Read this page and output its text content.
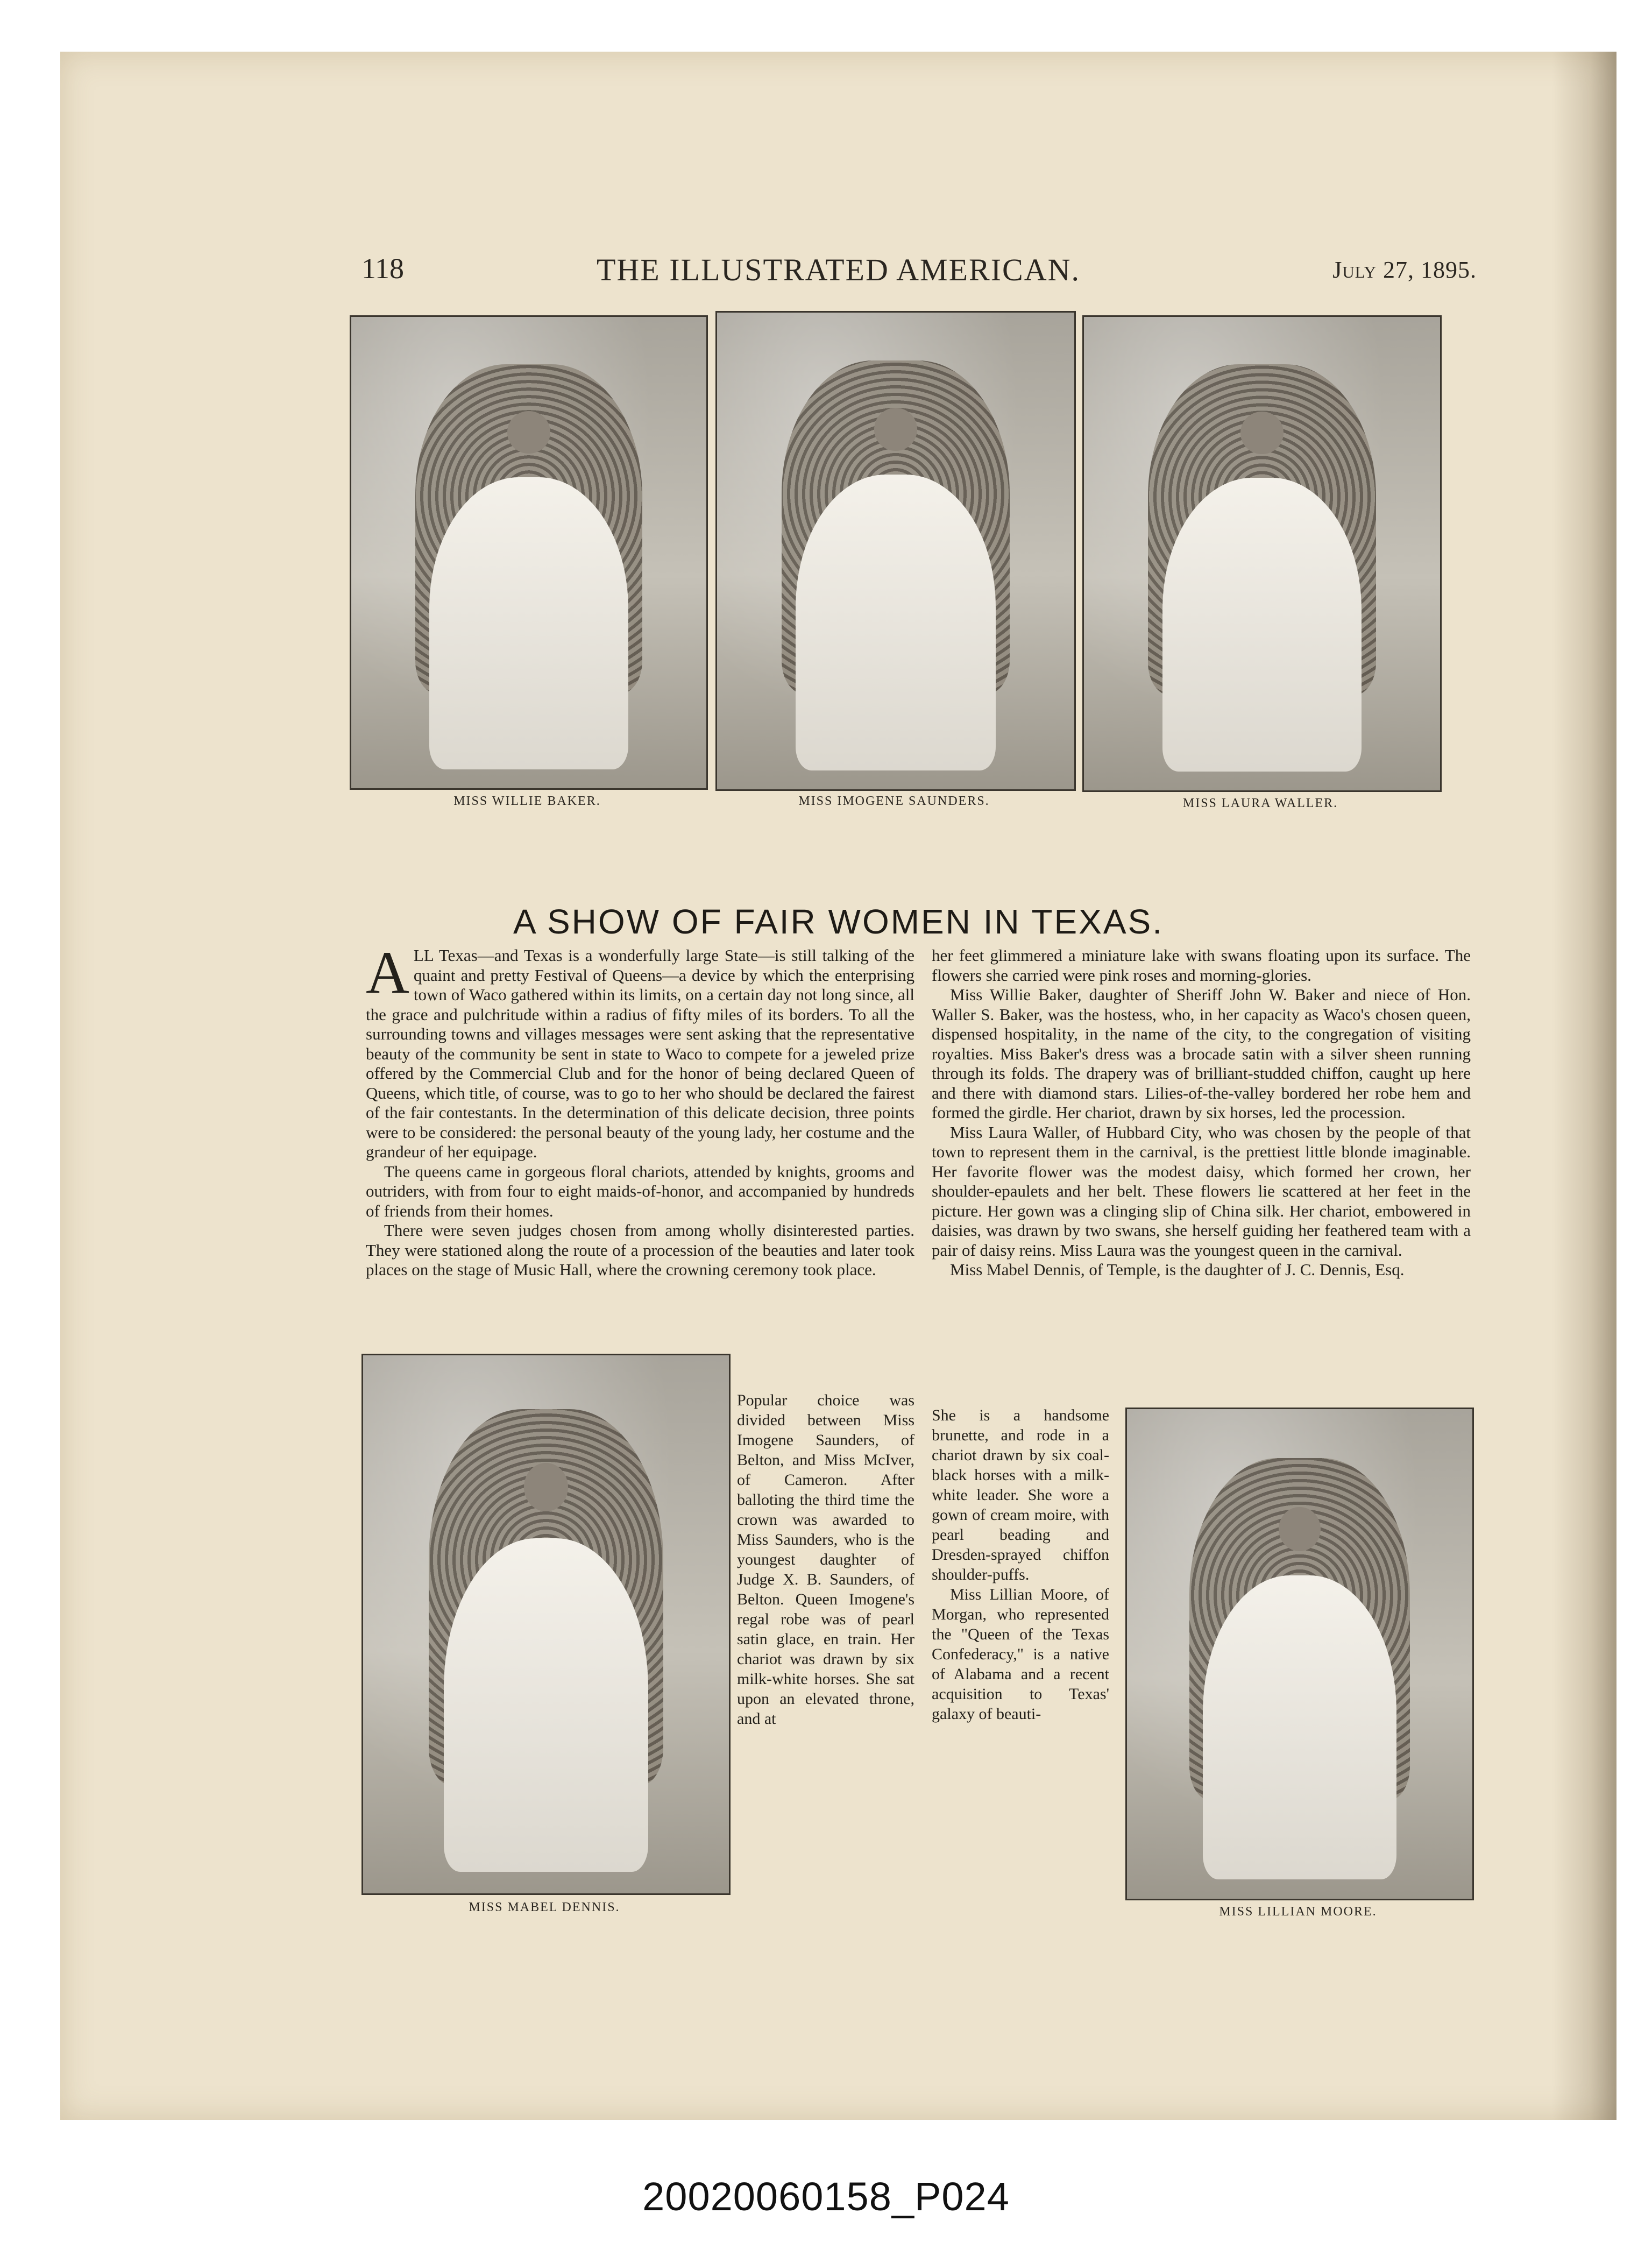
118	THE ILLUSTRATED AMERICAN.	July 27, 1895.
MISS WILLIE BAKER.	MISS IMOGENE SAUNDERS.	MISS LAURA WALLER.
A SHOW OF FAIR WOMEN IN TEXAS.

ALL Texas—and Texas is a wonderfully large State—is still talking of the quaint and pretty Festival of Queens—a device by which the enterprising town of Waco gathered within its limits, on a certain day not long since, all the grace and pulchritude within a radius of fifty miles of its borders. To all the surrounding towns and villages messages were sent asking that the representative beauty of the community be sent in state to Waco to compete for a jeweled prize offered by the Commercial Club and for the honor of being declared Queen of Queens, which title, of course, was to go to her who should be declared the fairest of the fair contestants. In the determination of this delicate decision, three points were to be considered: the personal beauty of the young lady, her costume and the grandeur of her equipage.

The queens came in gorgeous floral chariots, attended by knights, grooms and outriders, with from four to eight maids-of-honor, and accompanied by hundreds of friends from their homes.

There were seven judges chosen from among wholly disinterested parties. They were stationed along the route of a procession of the beauties and later took places on the stage of Music Hall, where the crowning ceremony took place.

Popular choice was divided between Miss Imogene Saunders, of Belton, and Miss McIver, of Cameron. After balloting the third time the crown was awarded to Miss Saunders, who is the youngest daughter of Judge X. B. Saunders, of Belton. Queen Imogene's regal robe was of pearl satin glace, en train. Her chariot was drawn by six milk-white horses. She sat upon an elevated throne, and at

MISS MABEL DENNIS.

her feet glimmered a miniature lake with swans floating upon its surface. The flowers she carried were pink roses and morning-glories.

Miss Willie Baker, daughter of Sheriff John W. Baker and niece of Hon. Waller S. Baker, was the hostess, who, in her capacity as Waco's chosen queen, dispensed hospitality, in the name of the city, to the congregation of visiting royalties. Miss Baker's dress was a brocade satin with a silver sheen running through its folds. The drapery was of brilliant-studded chiffon, caught up here and there with diamond stars. Lilies-of-the-valley bordered her robe hem and formed the girdle. Her chariot, drawn by six horses, led the procession.

Miss Laura Waller, of Hubbard City, who was chosen by the people of that town to represent them in the carnival, is the prettiest little blonde imaginable. Her favorite flower was the modest daisy, which formed her crown, her shoulder-epaulets and her belt. These flowers lie scattered at her feet in the picture. Her gown was a clinging slip of China silk. Her chariot, embowered in daisies, was drawn by two swans, she herself guiding her feathered team with a pair of daisy reins. Miss Laura was the youngest queen in the carnival.

Miss Mabel Dennis, of Temple, is the daughter of J. C. Dennis, Esq.

She is a handsome brunette, and rode in a chariot drawn by six coal-black horses with a milk-white leader. She wore a gown of cream moire, with pearl beading and Dresden-sprayed chiffon shoulder-puffs.

Miss Lillian Moore, of Morgan, who represented the "Queen of the Texas Confederacy," is a native of Alabama and a recent acquisition to Texas' galaxy of beauti-

MISS LILLIAN MOORE.
20020060158_P024
